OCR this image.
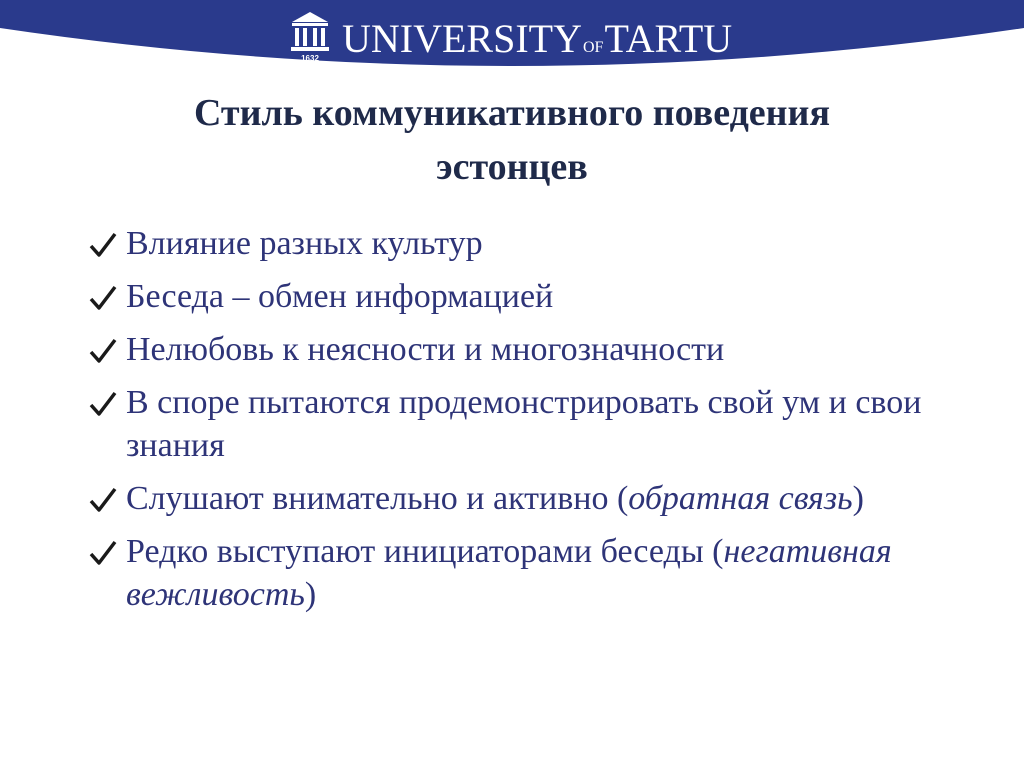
1632 UNIVERSITY OF TARTU
Стиль коммуникативного поведения
эстонцев
Влияние разных культур
Беседа – обмен информацией
Нелюбовь к неясности и многозначности
В споре пытаются продемонстрировать свой ум и свои знания
Слушают внимательно и активно (обратная связь)
Редко выступают инициаторами беседы (негативная вежливость)
